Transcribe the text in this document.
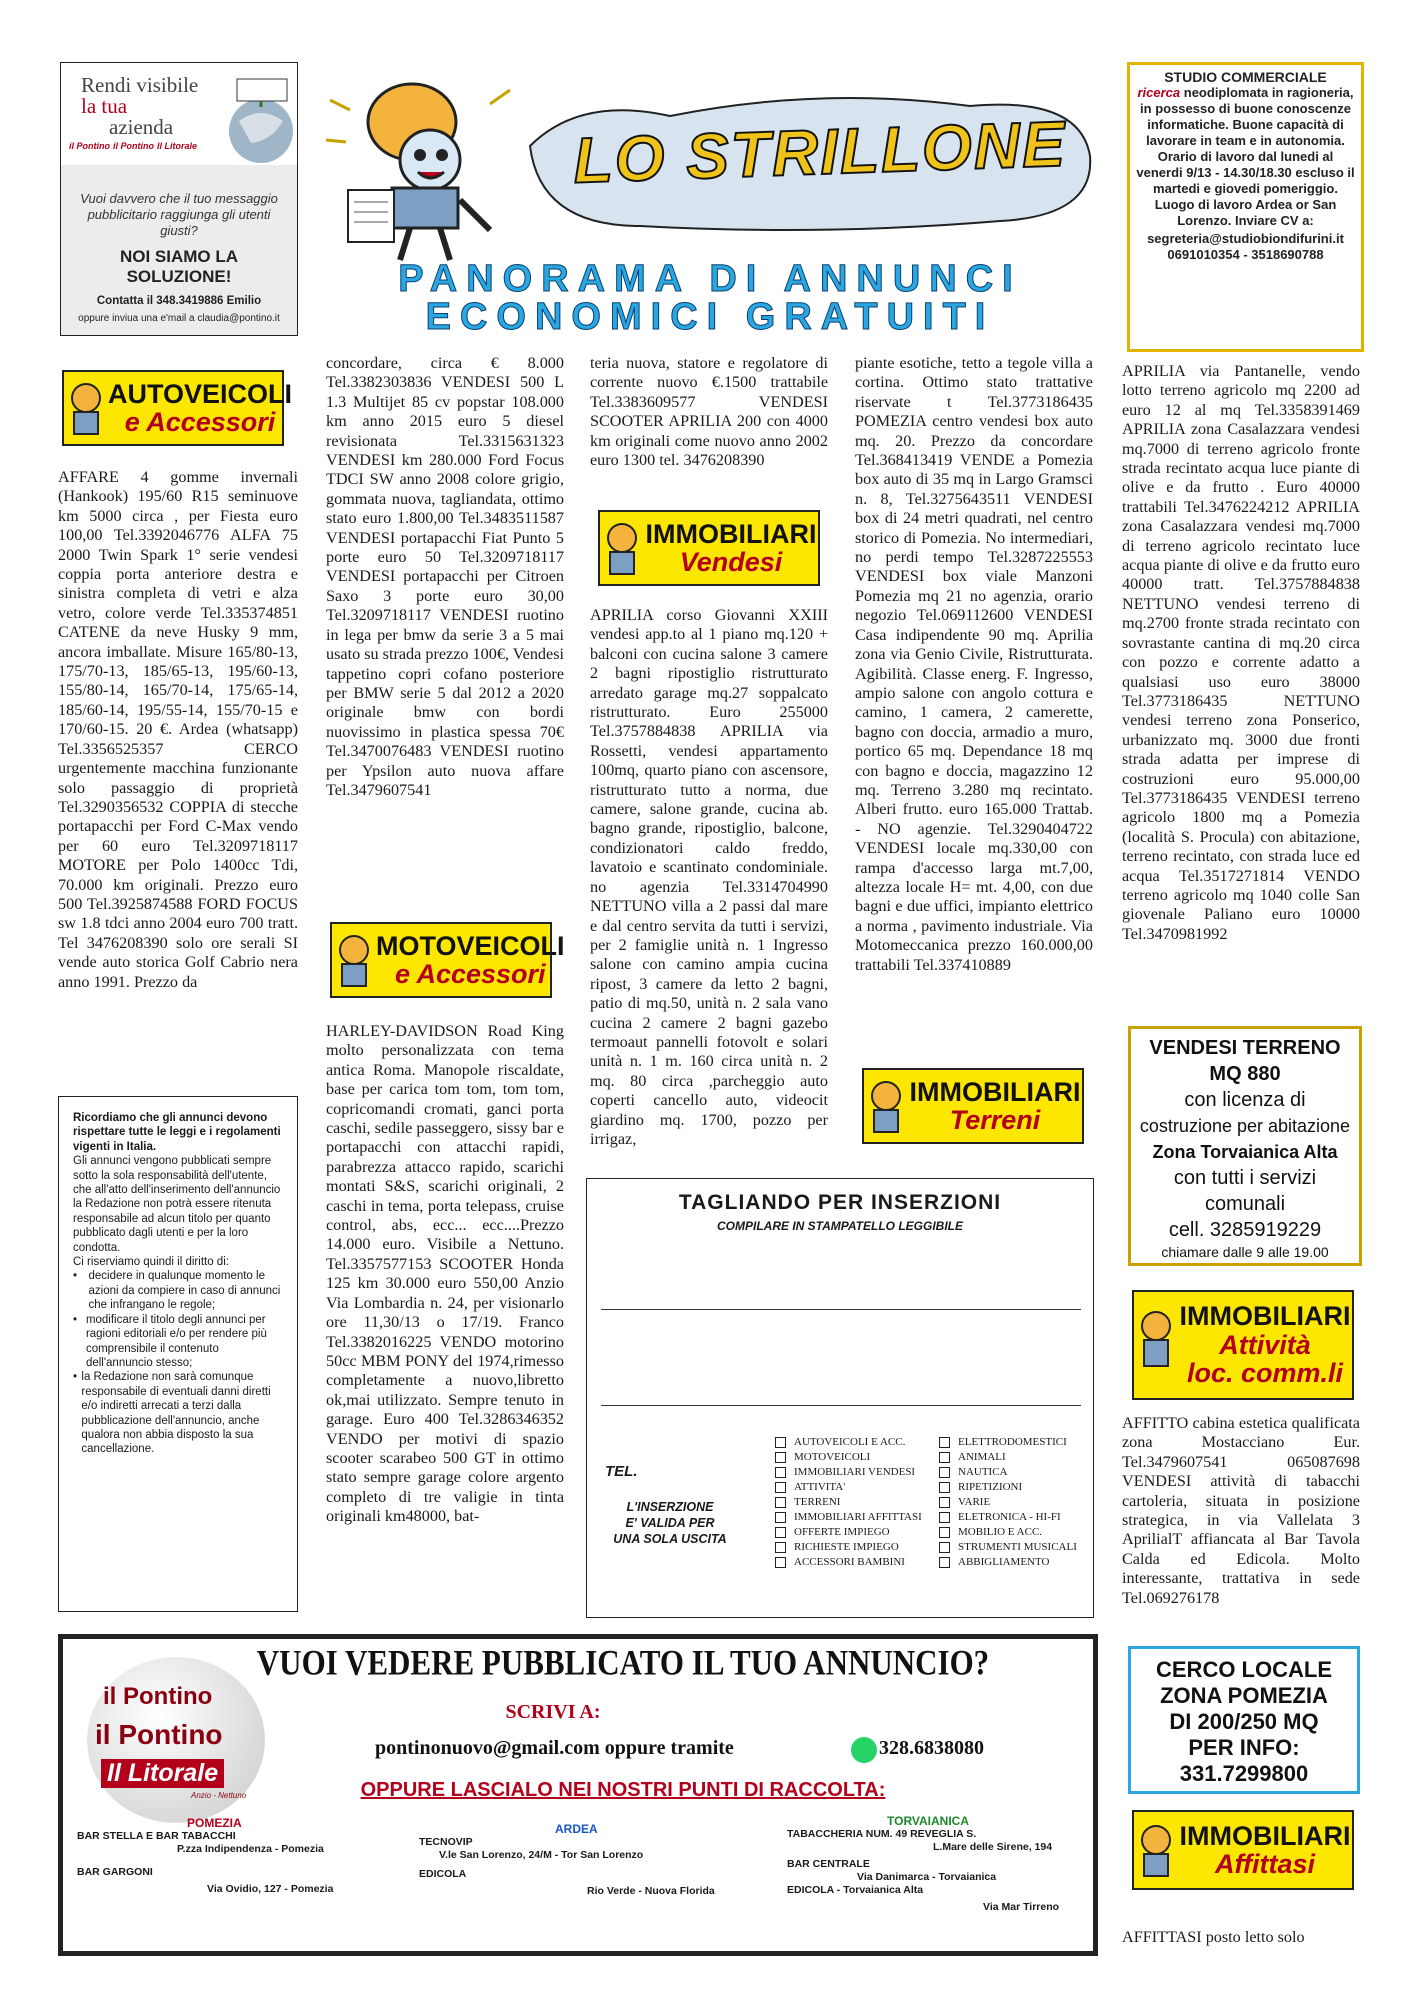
Rendi visibile
la tua
azienda
il Pontino il Pontino Il Litorale
Vuoi davvero che il tuo messaggio pubblicitario raggiunga gli utenti giusti?
NOI SIAMO LA SOLUZIONE!
Contatta il 348.3419886 Emilio
oppure inviua una e'mail a claudia@pontino.it
LO STRILLONE
PANORAMA DI ANNUNCI
ECONOMICI GRATUITI
STUDIO COMMERCIALE
ricerca neodiplomata in ragioneria, in possesso di buone conoscenze informatiche. Buone capacità di lavorare in team e in autonomia. Orario di lavoro dal lunedi al venerdi 9/13 - 14.30/18.30 escluso il martedi e giovedi pomeriggio. Luogo di lavoro Ardea or San Lorenzo. Inviare CV a:
segreteria@studiobiondifurini.it 0691010354 - 3518690788
AUTOVEICOLI
e Accessori
AFFARE 4 gomme invernali (Hankook) 195/60 R15 seminuove km 5000 circa , per Fiesta euro 100,00 Tel.3392046776 ALFA 75 2000 Twin Spark 1° serie vendesi coppia porta anteriore destra e sinistra completa di vetri e alza vetro, colore verde Tel.335374851 CATENE da neve Husky 9 mm, ancora imballate. Misure 165/80-13, 175/70-13, 185/65-13, 195/60-13, 155/80-14, 165/70-14, 175/65-14, 185/60-14, 195/55-14, 155/70-15 e 170/60-15. 20 €. Ardea (whatsapp) Tel.3356525357 CERCO urgentemente macchina funzionante solo passaggio di proprietà Tel.3290356532 COPPIA di stecche portapacchi per Ford C-Max vendo per 60 euro Tel.3209718117 MOTORE per Polo 1400cc Tdi, 70.000 km originali. Prezzo euro 500 Tel.3925874588 FORD FOCUS sw 1.8 tdci anno 2004 euro 700 tratt. Tel 3476208390 solo ore serali SI vende auto storica Golf Cabrio nera anno 1991. Prezzo da
Ricordiamo che gli annunci devono rispettare tutte le leggi e i regolamenti vigenti in Italia.
Gli annunci vengono pubblicati sempre sotto la sola responsabilità dell'utente, che all'atto dell'inserimento dell'annuncio la Redazione non potrà essere ritenuta responsabile ad alcun titolo per quanto pubblicato dagli utenti e per la loro condotta.
Ci riserviamo quindi il diritto di:
• decidere in qualunque momento le azioni da compiere in caso di annunci che infrangano le regole;
• modificare il titolo degli annunci per ragioni editoriali e/o per rendere più comprensibile il contenuto dell'annuncio stesso;
• la Redazione non sarà comunque responsabile di eventuali danni diretti e/o indiretti arrecati a terzi dalla pubblicazione dell'annuncio, anche qualora non abbia disposto la sua cancellazione.
concordare, circa € 8.000 Tel.3382303836 VENDESI 500 L 1.3 Multijet 85 cv popstar 108.000 km anno 2015 euro 5 diesel revisionata Tel.3315631323 VENDESI km 280.000 Ford Focus TDCI SW anno 2008 colore grigio, gommata nuova, tagliandata, ottimo stato euro 1.800,00 Tel.3483511587 VENDESI portapacchi Fiat Punto 5 porte euro 50 Tel.3209718117 VENDESI portapacchi per Citroen Saxo 3 porte euro 30,00 Tel.3209718117 VENDESI ruotino in lega per bmw da serie 3 a 5 mai usato su strada prezzo 100€, Vendesi tappetino copri cofano posteriore per BMW serie 5 dal 2012 a 2020 originale bmw con bordi nuovissimo in plastica spessa 70€ Tel.3470076483 VENDESI ruotino per Ypsilon auto nuova affare Tel.3479607541
MOTOVEICOLI
e Accessori
HARLEY-DAVIDSON Road King molto personalizzata con tema antica Roma. Manopole riscaldate, base per carica tom tom, tom tom, copricomandi cromati, ganci porta caschi, sedile passeggero, sissy bar e portapacchi con attacchi rapidi, parabrezza attacco rapido, scarichi montati S&S, scarichi originali, 2 caschi in tema, porta telepass, cruise control, abs, ecc... ecc....Prezzo 14.000 euro. Visibile a Nettuno. Tel.3357577153 SCOOTER Honda 125 km 30.000 euro 550,00 Anzio Via Lombardia n. 24, per visionarlo ore 11,30/13 o 17/19. Franco Tel.3382016225 VENDO motorino 50cc MBM PONY del 1974,rimesso completamente a nuovo,libretto ok,mai utilizzato. Sempre tenuto in garage. Euro 400 Tel.3286346352 VENDO per motivi di spazio scooter scarabeo 500 GT in ottimo stato sempre garage colore argento completo di tre valigie in tinta originali km48000, bat-
teria nuova, statore e regolatore di corrente nuovo €.1500 trattabile Tel.3383609577 VENDESI SCOOTER APRILIA 200 con 4000 km originali come nuovo anno 2002 euro 1300 tel. 3476208390
IMMOBILIARI
Vendesi
APRILIA corso Giovanni XXIII vendesi app.to al 1 piano mq.120 + balconi con cucina salone 3 camere 2 bagni ripostiglio ristrutturato arredato garage mq.27 soppalcato ristrutturato. Euro 255000 Tel.3757884838 APRILIA via Rossetti, vendesi appartamento 100mq, quarto piano con ascensore, ristrutturato tutto a norma, due camere, salone grande, cucina ab. bagno grande, ripostiglio, balcone, condizionatori caldo freddo, lavatoio e scantinato condominiale. no agenzia Tel.3314704990 NETTUNO villa a 2 passi dal mare e dal centro servita da tutti i servizi, per 2 famiglie unità n. 1 Ingresso salone con camino ampia cucina ripost, 3 camere da letto 2 bagni, patio di mq.50, unità n. 2 sala vano cucina 2 camere 2 bagni gazebo termoaut pannelli fotovolt e solari unità n. 1 m. 160 circa unità n. 2 mq. 80 circa ,parcheggio auto coperti cancello auto, videocit giardino mq. 1700, pozzo per irrigaz,
piante esotiche, tetto a tegole villa a cortina. Ottimo stato trattative riservate t Tel.3773186435 POMEZIA centro vendesi box auto mq. 20. Prezzo da concordare Tel.368413419 VENDE a Pomezia box auto di 35 mq in Largo Gramsci n. 8, Tel.3275643511 VENDESI box di 24 metri quadrati, nel centro storico di Pomezia. No intermediari, no perdi tempo Tel.3287225553 VENDESI box viale Manzoni Pomezia mq 21 no agenzia, orario negozio Tel.069112600 VENDESI Casa indipendente 90 mq. Aprilia zona via Genio Civile, Ristrutturata. Agibilità. Classe energ. F. Ingresso, ampio salone con angolo cottura e camino, 1 camera, 2 camerette, bagno con doccia, armadio a muro, portico 65 mq. Dependance 18 mq con bagno e doccia, magazzino 12 mq. Terreno 3.280 mq recintato. Alberi frutto. euro 165.000 Trattab. - NO agenzie. Tel.3290404722 VENDESI locale mq.330,00 con rampa d'accesso larga mt.7,00, altezza locale H= mt. 4,00, con due bagni e due uffici, impianto elettrico a norma , pavimento industriale. Via Motomeccanica prezzo 160.000,00 trattabili Tel.337410889
IMMOBILIARI
Terreni
TAGLIANDO PER INSERZIONI
COMPILARE IN STAMPATELLO LEGGIBILE
TEL.
L'INSERZIONE
E' VALIDA PER
UNA SOLA USCITA
AUTOVEICOLI E ACC.
MOTOVEICOLI
IMMOBILIARI VENDESI
ATTIVITA'
TERRENI
IMMOBILIARI AFFITTASI
OFFERTE IMPIEGO
RICHIESTE IMPIEGO
ACCESSORI BAMBINI
ELETTRODOMESTICI
ANIMALI
NAUTICA
RIPETIZIONI
VARIE
ELETRONICA - HI-FI
MOBILIO E ACC.
STRUMENTI MUSICALI
ABBIGLIAMENTO
APRILIA via Pantanelle, vendo lotto terreno agricolo mq 2200 ad euro 12 al mq Tel.3358391469 APRILIA zona Casalazzara vendesi mq.7000 di terreno agricolo fronte strada recintato acqua luce piante di olive e da frutto . Euro 40000 trattabili Tel.3476224212 APRILIA zona Casalazzara vendesi mq.7000 di terreno agricolo recintato luce acqua piante di olive e da frutto euro 40000 tratt. Tel.3757884838 NETTUNO vendesi terreno di mq.2700 fronte strada recintato con sovrastante cantina di mq.20 circa con pozzo e corrente adatto a qualsiasi uso euro 38000 Tel.3773186435 NETTUNO vendesi terreno zona Ponserico, urbanizzato mq. 3000 due fronti strada adatta per imprese di costruzioni euro 95.000,00 Tel.3773186435 VENDESI terreno agricolo 1800 mq a Pomezia (località S. Procula) con abitazione, terreno recintato, con strada luce ed acqua Tel.3517271814 VENDO terreno agricolo mq 1040 colle San giovenale Paliano euro 10000 Tel.3470981992
VENDESI TERRENO
MQ 880
con licenza di
costruzione per abitazione
Zona Torvaianica Alta
con tutti i servizi
comunali
cell. 3285919229
chiamare dalle 9 alle 19.00
IMMOBILIARI
Attività
loc. comm.li
AFFITTO cabina estetica qualificata zona Mostacciano Eur. Tel.3479607541 065087698 VENDESI attività di tabacchi cartoleria, situata in posizione strategica, in via Vallelata 3 AprilialT affiancata al Bar Tavola Calda ed Edicola. Molto interessante, trattativa in sede Tel.069276178
CERCO LOCALE
ZONA POMEZIA
DI 200/250 MQ
PER INFO:
331.7299800
IMMOBILIARI
Affittasi
AFFITTASI posto letto solo
il Pontino
il Pontino
Il Litorale
Anzio - Nettuno
VUOI VEDERE PUBBLICATO IL TUO ANNUNCIO?
SCRIVI A:
pontinonuovo@gmail.com oppure tramite	328.6838080
OPPURE LASCIALO NEI NOSTRI PUNTI DI RACCOLTA:
POMEZIA
BAR STELLA E BAR TABACCHI
P.zza Indipendenza - Pomezia
BAR GARGONI
Via Ovidio, 127 - Pomezia
ARDEA
TECNOVIP
V.le San Lorenzo, 24/M - Tor San Lorenzo
EDICOLA
Rio Verde - Nuova Florida
TORVAIANICA
TABACCHERIA NUM. 49 REVEGLIA S.
L.Mare delle Sirene, 194
BAR CENTRALE
Via Danimarca - Torvaianica
EDICOLA - Torvaianica Alta
Via Mar Tirreno
